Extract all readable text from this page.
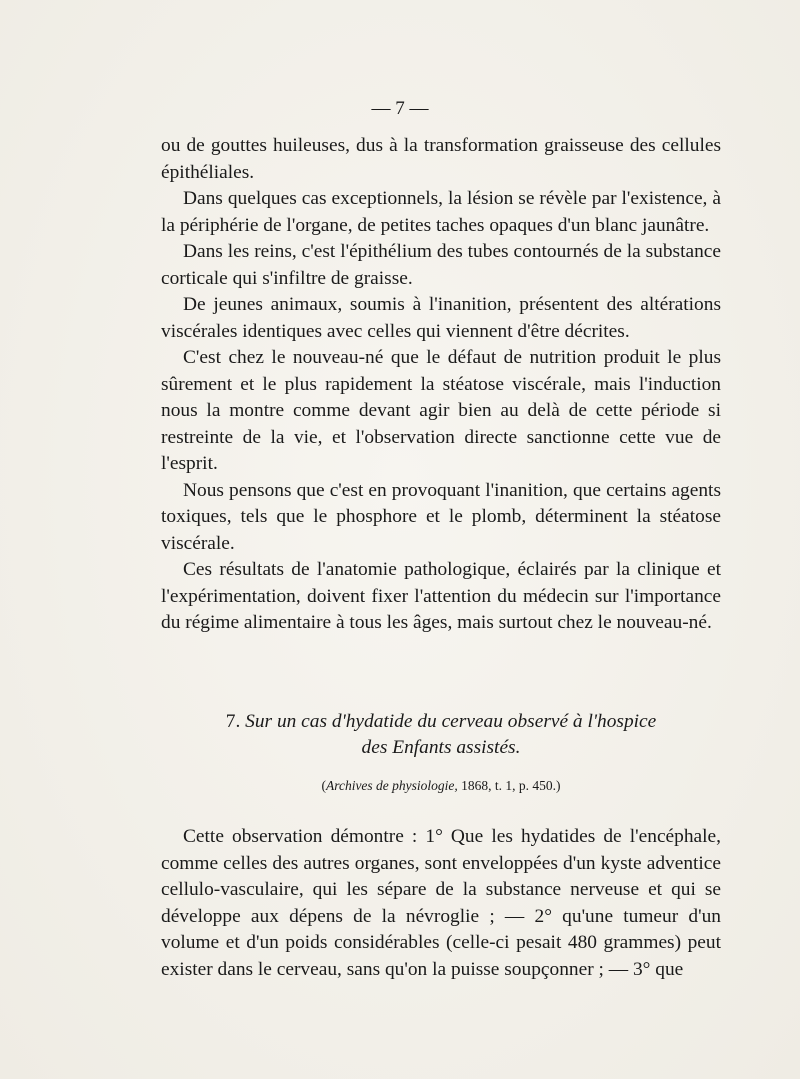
— 7 —

ou de gouttes huileuses, dus à la transformation graisseuse des cellules épithéliales.

Dans quelques cas exceptionnels, la lésion se révèle par l'existence, à la périphérie de l'organe, de petites taches opaques d'un blanc jaunâtre.

Dans les reins, c'est l'épithélium des tubes contournés de la substance corticale qui s'infiltre de graisse.

De jeunes animaux, soumis à l'inanition, présentent des altérations viscérales identiques avec celles qui viennent d'être décrites.

C'est chez le nouveau-né que le défaut de nutrition produit le plus sûrement et le plus rapidement la stéatose viscérale, mais l'induction nous la montre comme devant agir bien au delà de cette période si restreinte de la vie, et l'observation directe sanctionne cette vue de l'esprit.

Nous pensons que c'est en provoquant l'inanition, que certains agents toxiques, tels que le phosphore et le plomb, déterminent la stéatose viscérale.

Ces résultats de l'anatomie pathologique, éclairés par la clinique et l'expérimentation, doivent fixer l'attention du médecin sur l'importance du régime alimentaire à tous les âges, mais surtout chez le nouveau-né.

7. Sur un cas d'hydatide du cerveau observé à l'hospice
des Enfants assistés.
(Archives de physiologie, 1868, t. 1, p. 450.)

Cette observation démontre : 1° Que les hydatides de l'encéphale, comme celles des autres organes, sont enveloppées d'un kyste adventice cellulo-vasculaire, qui les sépare de la substance nerveuse et qui se développe aux dépens de la névroglie ; — 2° qu'une tumeur d'un volume et d'un poids considérables (celle-ci pesait 480 grammes) peut exister dans le cerveau, sans qu'on la puisse soupçonner ; — 3° que
